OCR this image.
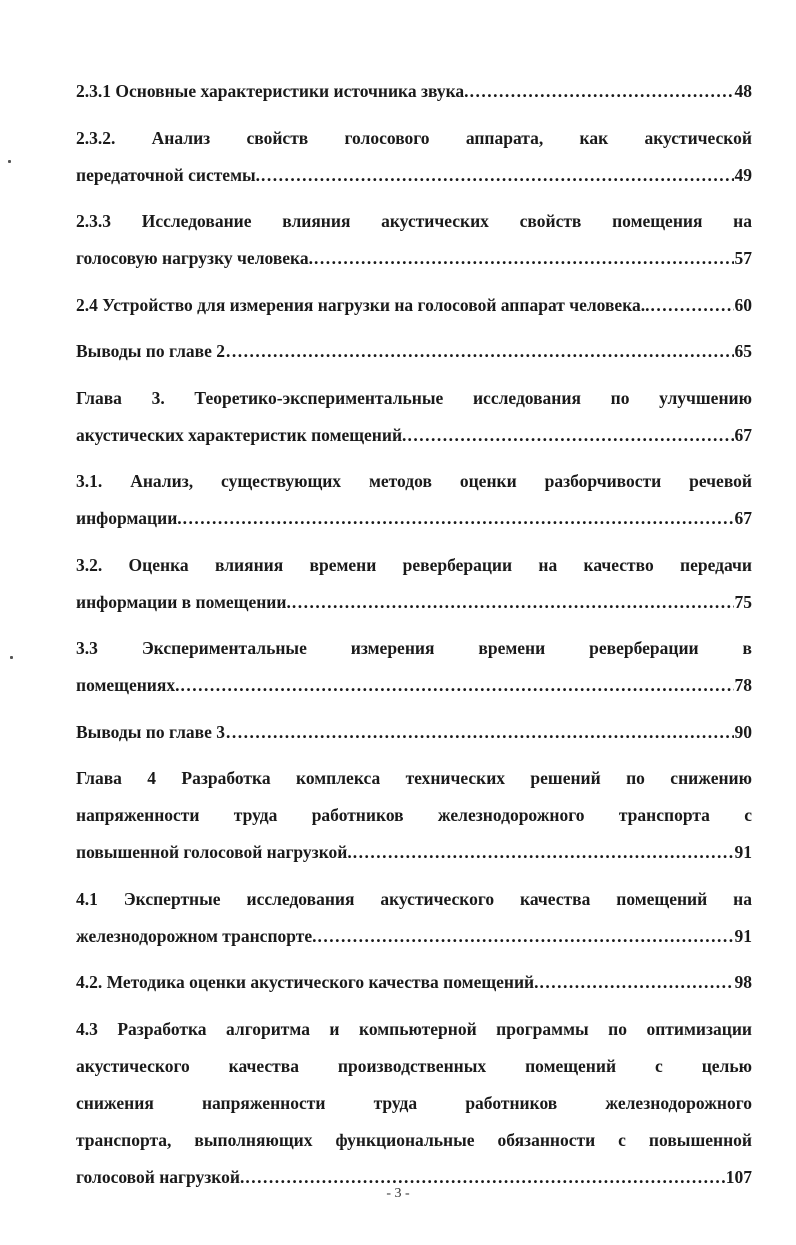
2.3.1 Основные характеристики источника звука. .....	48
2.3.2. Анализ свойств голосового аппарата, как акустической
передаточной системы. .....	49
2.3.3 Исследование влияния акустических свойств помещения на
голосовую нагрузку человека. .....	57
2.4 Устройство для измерения нагрузки на голосовой аппарат человека.. .....	60
Выводы по главе 2 .....	65
Глава 3. Теоретико-экспериментальные исследования по улучшению
акустических характеристик помещений. .....	67
3.1. Анализ, существующих методов оценки разборчивости речевой
информации. .....	67
3.2. Оценка влияния времени реверберации на качество передачи
информации в помещении. .....	75
3.3 Экспериментальные измерения времени реверберации в
помещениях. .....	78
Выводы по главе 3 .....	90
Глава 4 Разработка комплекса технических решений по снижению
напряженности труда работников железнодорожного транспорта с
повышенной голосовой нагрузкой. .....	91
4.1 Экспертные исследования акустического качества помещений на
железнодорожном транспорте. .....	91
4.2. Методика оценки акустического качества помещений. .....	98
4.3 Разработка алгоритма и компьютерной программы по оптимизации
акустического качества производственных помещений с целью
снижения напряженности труда работников железнодорожного
транспорта, выполняющих функциональные обязанности с повышенной
голосовой нагрузкой. .....	107
- 3 -
